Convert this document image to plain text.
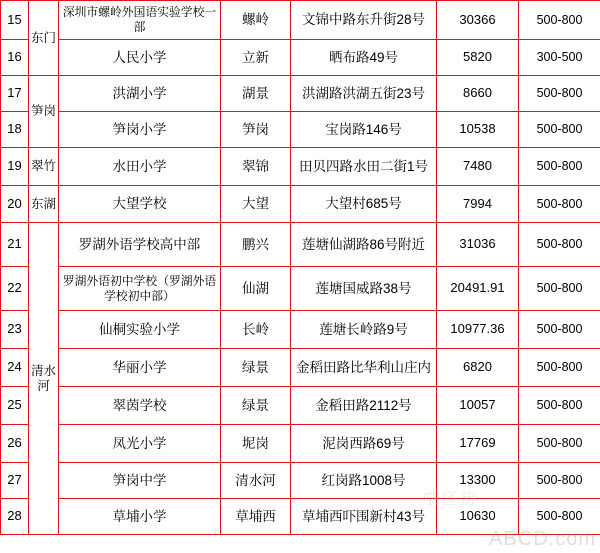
15	东门	深圳市螺岭外国语实验学校一部	螺岭	文锦中路东升街28号	30366	500-800
16		人民小学	立新	晒布路49号	5820	300-500
17	笋岗	洪湖小学	湖景	洪湖路洪湖五街23号	8660	500-800
18		笋岗小学	笋岗	宝岗路146号	10538	500-800
19	翠竹	水田小学	翠锦	田贝四路水田二街1号	7480	500-800
20	东湖	大望学校	大望	大望村685号	7994	500-800
21	清水河	罗湖外语学校高中部	鹏兴	莲塘仙湖路86号附近	31036	500-800
22		罗湖外语初中学校（罗湖外语学校初中部）	仙湖	莲塘国威路38号	20491.91	500-800
23		仙桐实验小学	长岭	莲塘长岭路9号	10977.36	500-800
24		华丽小学	绿景	金稻田路比华利山庄内	6820	500-800
25		翠茵学校	绿景	金稻田路2112号	10057	500-800
26		凤光小学	坭岗	泥岗西路69号	17769	500-800
27		笋岗中学	清水河	红岗路1008号	13300	500-800
28		草埔小学	草埔西	草埔西吓围新村43号	10630	500-800
学区房
ABCD.com
